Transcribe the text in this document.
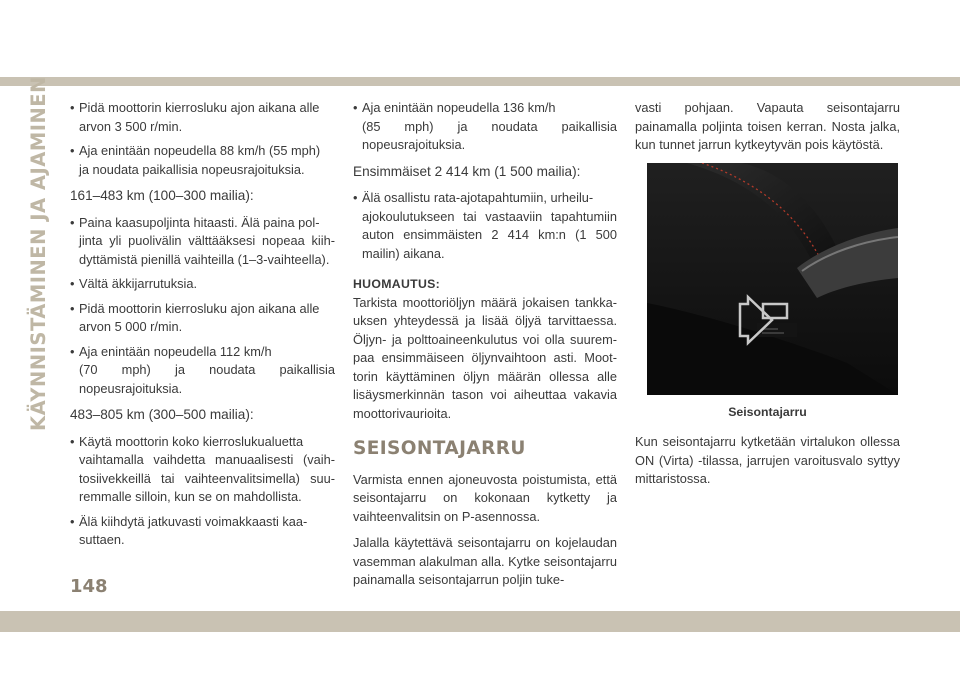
KÄYNNISTÄMINEN JA AJAMINEN • Pidä moottorin kierrosluku ajon aikana alle
arvon 3 500 r/min.
• Aja enintään nopeudella 88 km/h (55 mph)
ja noudata paikallisia nopeusrajoituksia.
161–483 km (100–300 mailia):
• Paina kaasupoljinta hitaasti. Älä paina pol-
jinta yli puolivälin välttääksesi nopeaa kiihdyttämistä pienillä vaihteilla (1–3-vaihteella).
• Vältä äkkijarrutuksia.
• Pidä moottorin kierrosluku ajon aikana alle
arvon 5 000 r/min.
• Aja enintään nopeudella 112 km/h
(70 mph) ja noudata paikallisia nopeusrajoituksia.
483–805 km (300–500 mailia):
• Käytä moottorin koko kierroslukualuetta
vaihtamalla vaihdetta manuaalisesti (vaihtosiivekkeillä tai vaihteenvalitsimella) suuremmalle silloin, kun se on mahdollista.
• Älä kiihdytä jatkuvasti voimakkaasti kaa-
suttaen.
• Aja enintään nopeudella 136 km/h
(85 mph) ja noudata paikallisia nopeusrajoituksia.
Ensimmäiset 2 414 km (1 500 mailia):
• Älä osallistu rata-ajotapahtumiin, urheilu-
ajokoulutukseen tai vastaaviin tapahtumiin auton ensimmäisten 2 414 km:n (1 500 mailin) aikana.
HUOMAUTUS:
Tarkista moottoriöljyn määrä jokaisen tankkauksen yhteydessä ja lisää öljyä tarvittaessa. Öljyn- ja polttoaineenkulutus voi olla suurempaa ensimmäiseen öljynvaihtoon asti. Moottorin käyttäminen öljyn määrän ollessa alle lisäysmerkinnän tason voi aiheuttaa vakavia moottorivaurioita.
SEISONTAJARRU
Varmista ennen ajoneuvosta poistumista, että seisontajarru on kokonaan kytketty ja vaihteenvalitsin on P-asennossa.
Jalalla käytettävä seisontajarru on kojelaudan vasemman alakulman alla. Kytke seisontajarru painamalla seisontajarrun poljin tuke-
vasti pohjaan. Vapauta seisontajarru painamalla poljinta toisen kerran. Nosta jalka, kun tunnet jarrun kytkeytyvän pois käytöstä.
Seisontajarru
Kun seisontajarru kytketään virtalukon ollessa ON (Virta) -tilassa, jarrujen varoitusvalo syttyy mittaristossa.
148
